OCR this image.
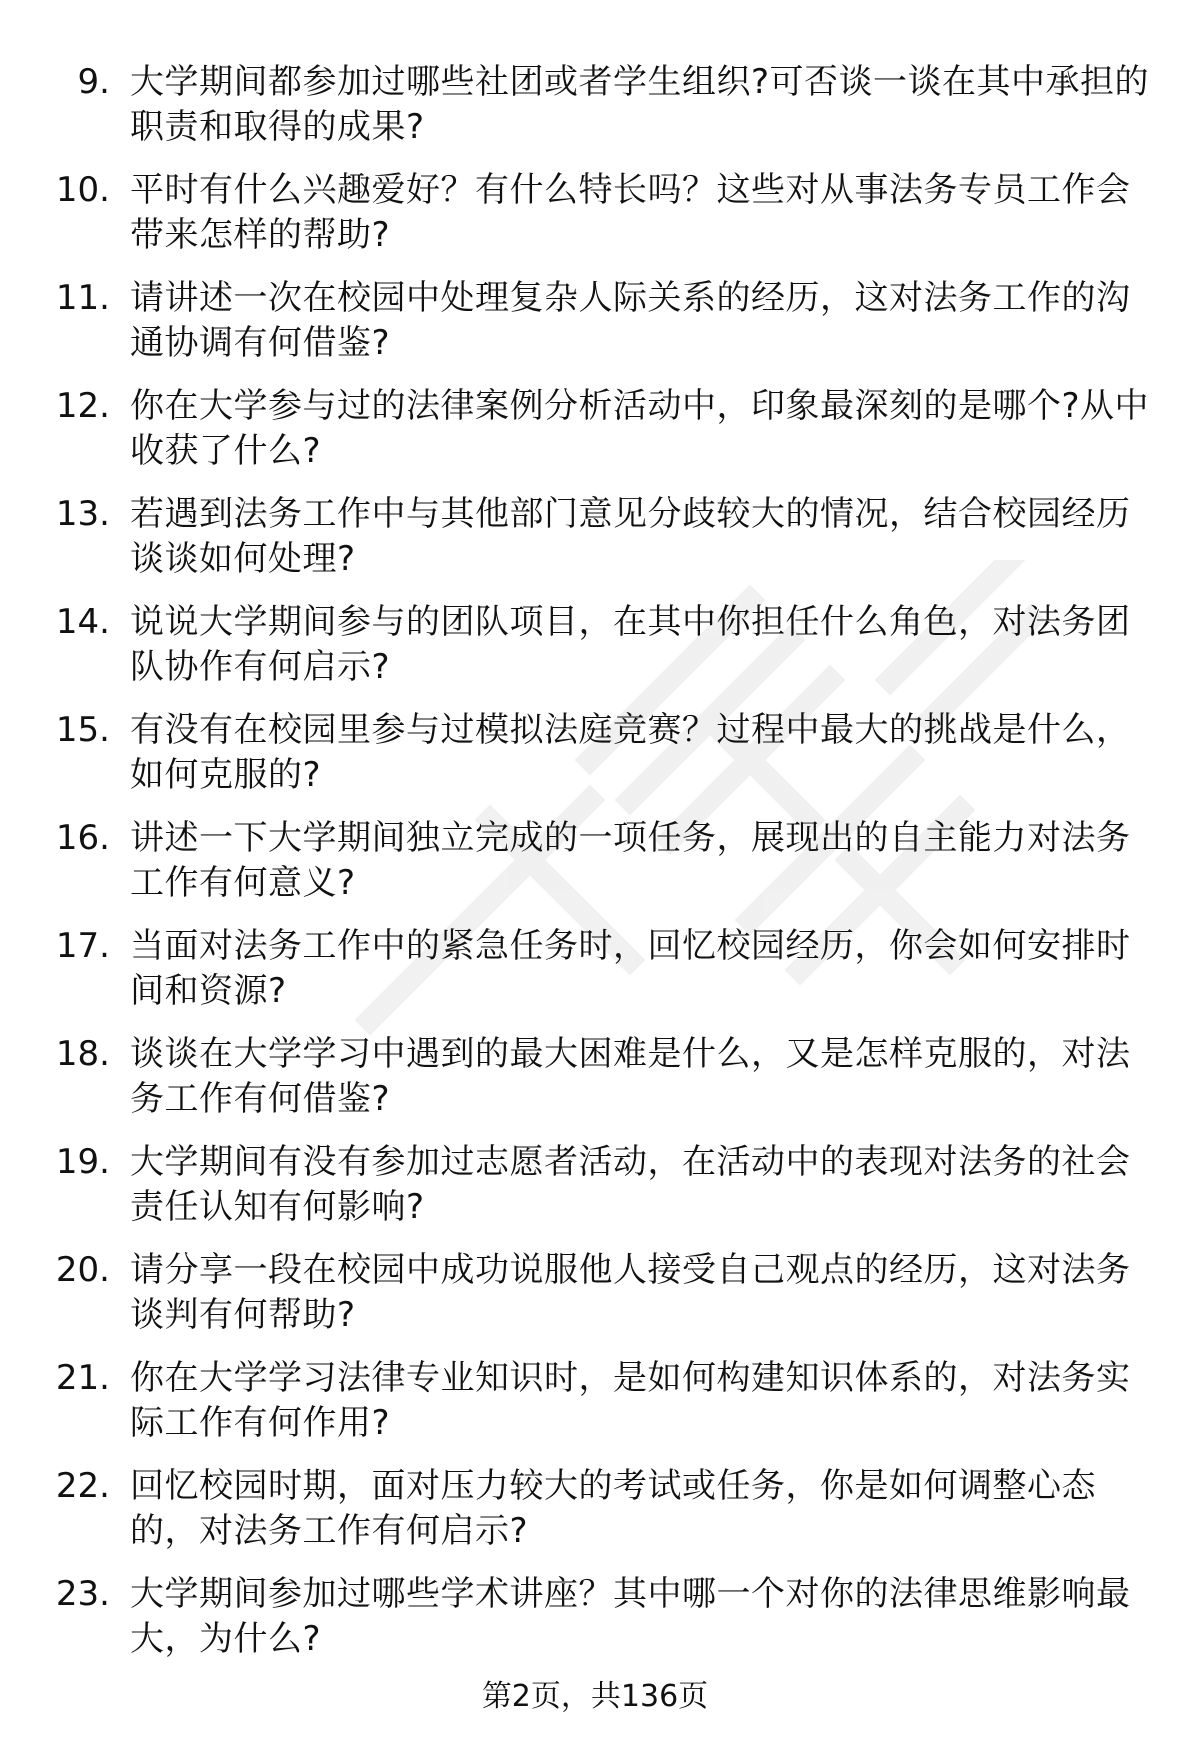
9. 大学期间都参加过哪些社团或者学生组织?可否谈一谈在其中承担的职责和取得的成果?
10. 平时有什么兴趣爱好？有什么特长吗？这些对从事法务专员工作会带来怎样的帮助?
11. 请讲述一次在校园中处理复杂人际关系的经历，这对法务工作的沟通协调有何借鉴?
12. 你在大学参与过的法律案例分析活动中，印象最深刻的是哪个?从中收获了什么?
13. 若遇到法务工作中与其他部门意见分歧较大的情况，结合校园经历谈谈如何处理?
14. 说说大学期间参与的团队项目，在其中你担任什么角色，对法务团队协作有何启示?
15. 有没有在校园里参与过模拟法庭竞赛？过程中最大的挑战是什么，如何克服的?
16. 讲述一下大学期间独立完成的一项任务，展现出的自主能力对法务工作有何意义?
17. 当面对法务工作中的紧急任务时，回忆校园经历，你会如何安排时间和资源?
18. 谈谈在大学学习中遇到的最大困难是什么，又是怎样克服的，对法务工作有何借鉴?
19. 大学期间有没有参加过志愿者活动，在活动中的表现对法务的社会责任认知有何影响?
20. 请分享一段在校园中成功说服他人接受自己观点的经历，这对法务谈判有何帮助?
21. 你在大学学习法律专业知识时，是如何构建知识体系的，对法务实际工作有何作用?
22. 回忆校园时期，面对压力较大的考试或任务，你是如何调整心态的，对法务工作有何启示?
23. 大学期间参加过哪些学术讲座？其中哪一个对你的法律思维影响最大，为什么?
第2页，共136页
